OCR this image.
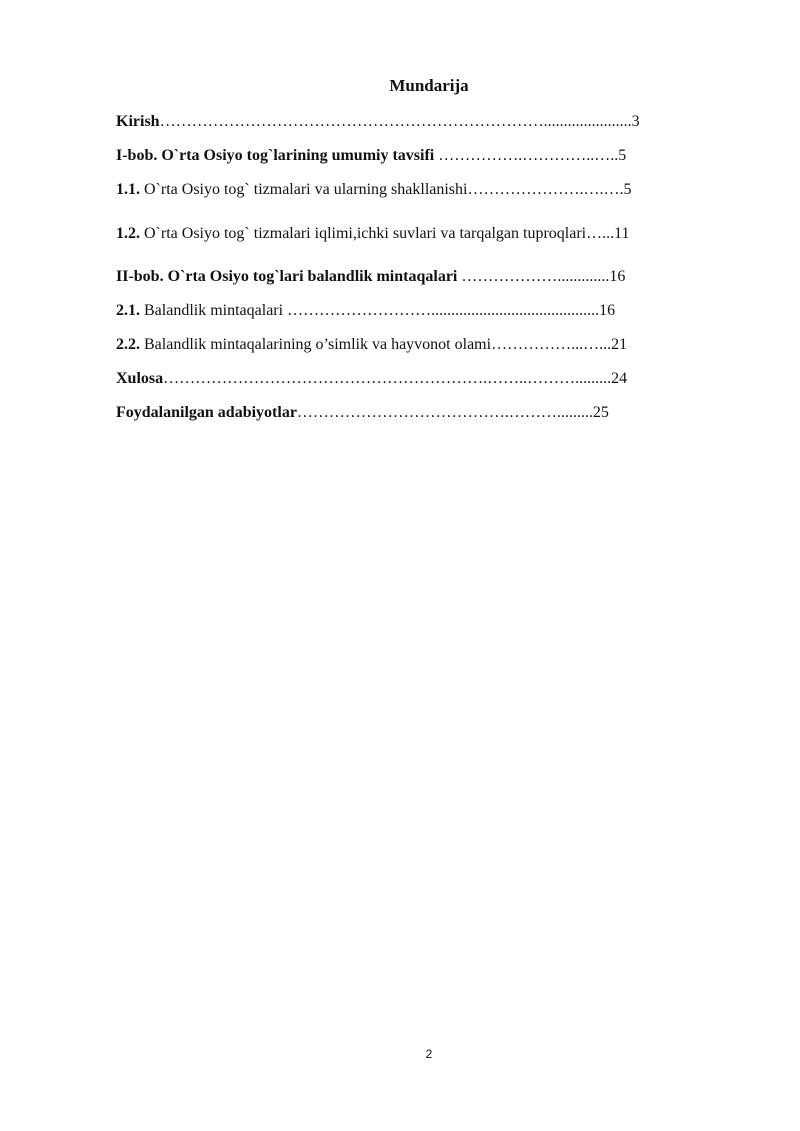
Mundarija
Kirish………………………………………………………………......................3
I-bob. O`rta Osiyo tog`larining umumiy tavsifi …………….…………..…..5
1.1. O`rta Osiyo tog` tizmalari va ularning shakllanishi………………….….….5
1.2. O`rta Osiyo tog` tizmalari iqlimi,ichki suvlari va tarqalgan tuproqlari…...11
II-bob. O`rta Osiyo tog`lari balandlik mintaqalari ……………….............16
2.1. Balandlik mintaqalari ………………………..........................................16
2.2. Balandlik mintaqalarining o’simlik va hayvonot olami……………...…...21
Xulosa…………………………………………………….……..……….........24
Foydalanilgan adabiyotlar………………………………….……….........25
2
